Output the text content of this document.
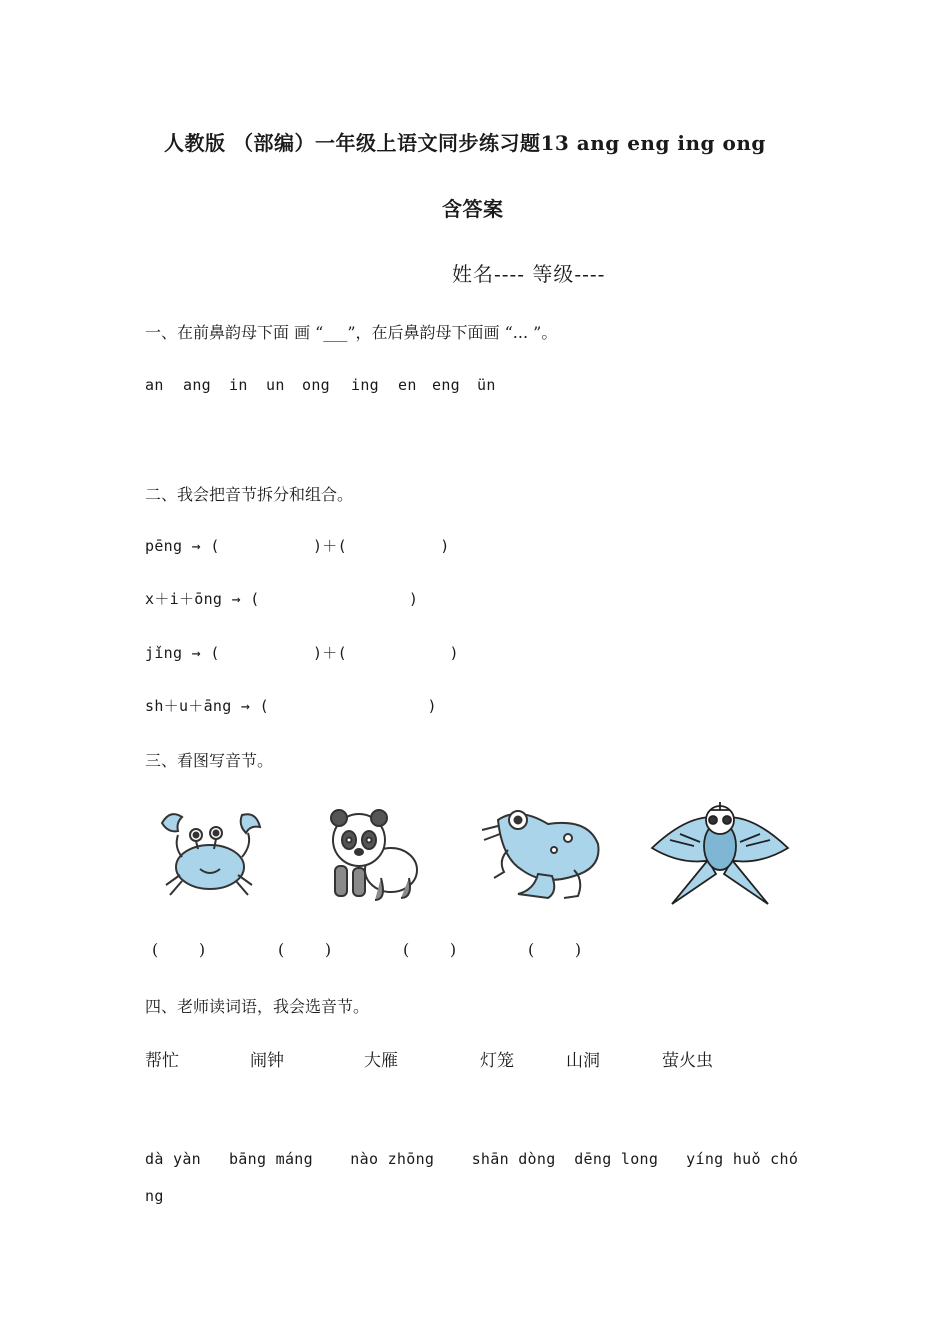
人教版 （部编）一年级上语文同步练习题13 ang eng ing ong
含答案
姓名---- 等级----
一、在前鼻韵母下面 画 “___”，在后鼻韵母下面画 “... ”。
an ang in un ong ing en eng ün
二、我会把音节拆分和组合。
pēng → (          )＋(          )
x＋i＋ōng → (                )
jǐng → (          )＋(           )
sh＋u＋āng → (                 )
三、看图写音节。
(        )	(        )	(        )	(        )
四、老师读词语，我会选音节。
帮忙	闹钟	大雁	灯笼	山洞	萤火虫
dà yàn   bāng máng    nào zhōng    shān dòng  dēng long   yíng huǒ chó
ng
